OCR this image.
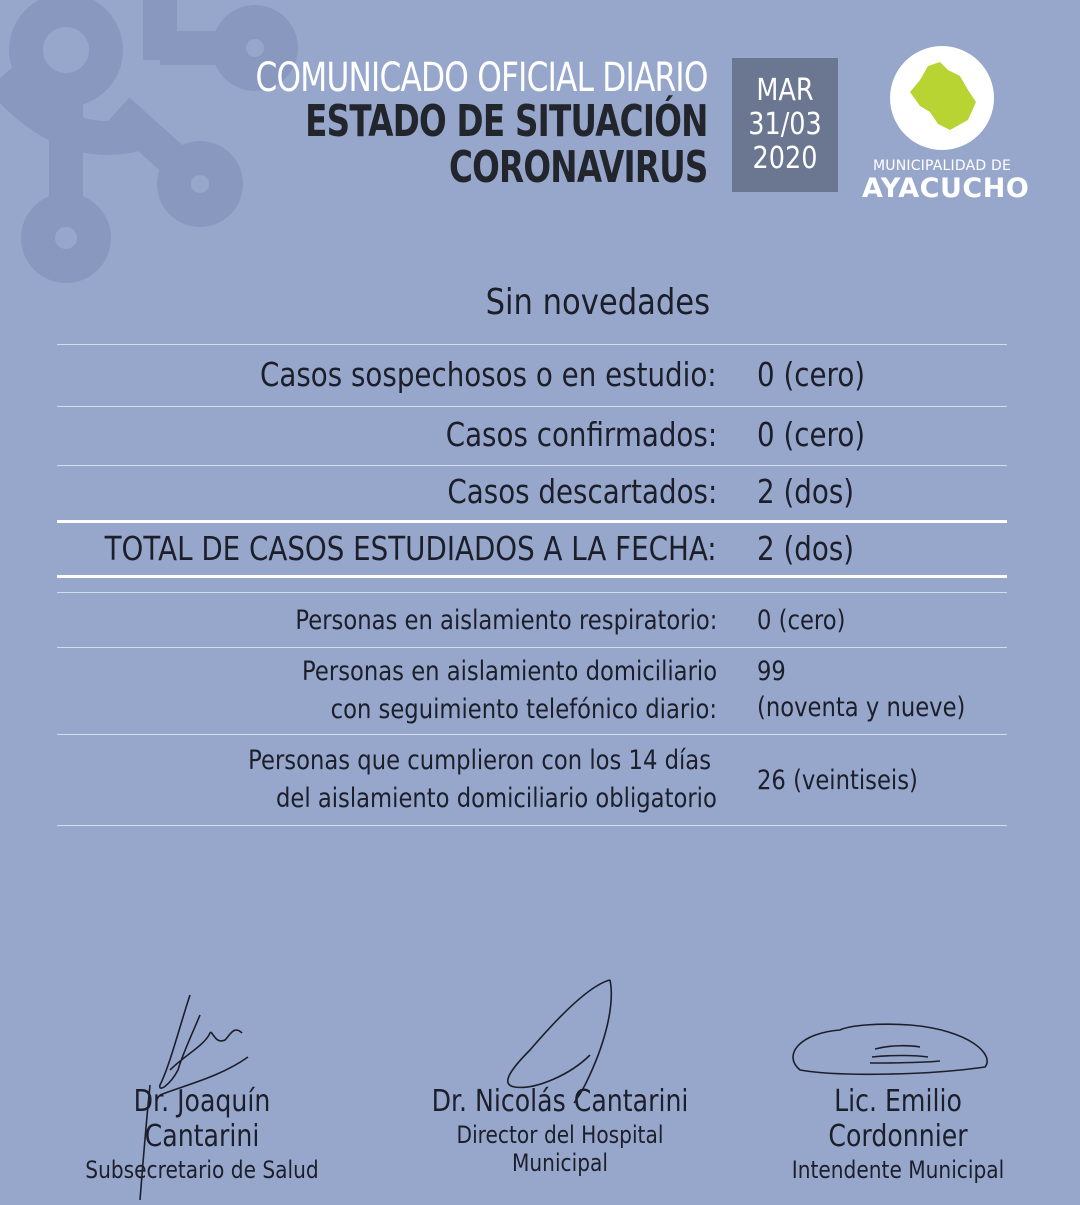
COMUNICADO OFICIAL DIARIO
ESTADO DE SITUACIÓN
CORONAVIRUS
MAR
31/03
2020	MUNICIPALIDAD DE
AYACUCHO
Sin novedades
Casos sospechosos o en estudio: 0 (cero)
Casos confirmados: 0 (cero)
Casos descartados: 2 (dos)
TOTAL DE CASOS ESTUDIADOS A LA FECHA: 2 (dos)
Personas en aislamiento respiratorio: 0 (cero)
Personas en aislamiento domiciliario
con seguimiento telefónico diario:
99
(noventa y nueve)
Personas que cumplieron con los 14 días
del aislamiento domiciliario obligatorio
26 (veintiseis)
Dr. Joaquín Cantarini
Subsecretario de Salud
Dr. Nicolás Cantarini
Director del Hospital Municipal
Lic. Emilio Cordonnier
Intendente Municipal
